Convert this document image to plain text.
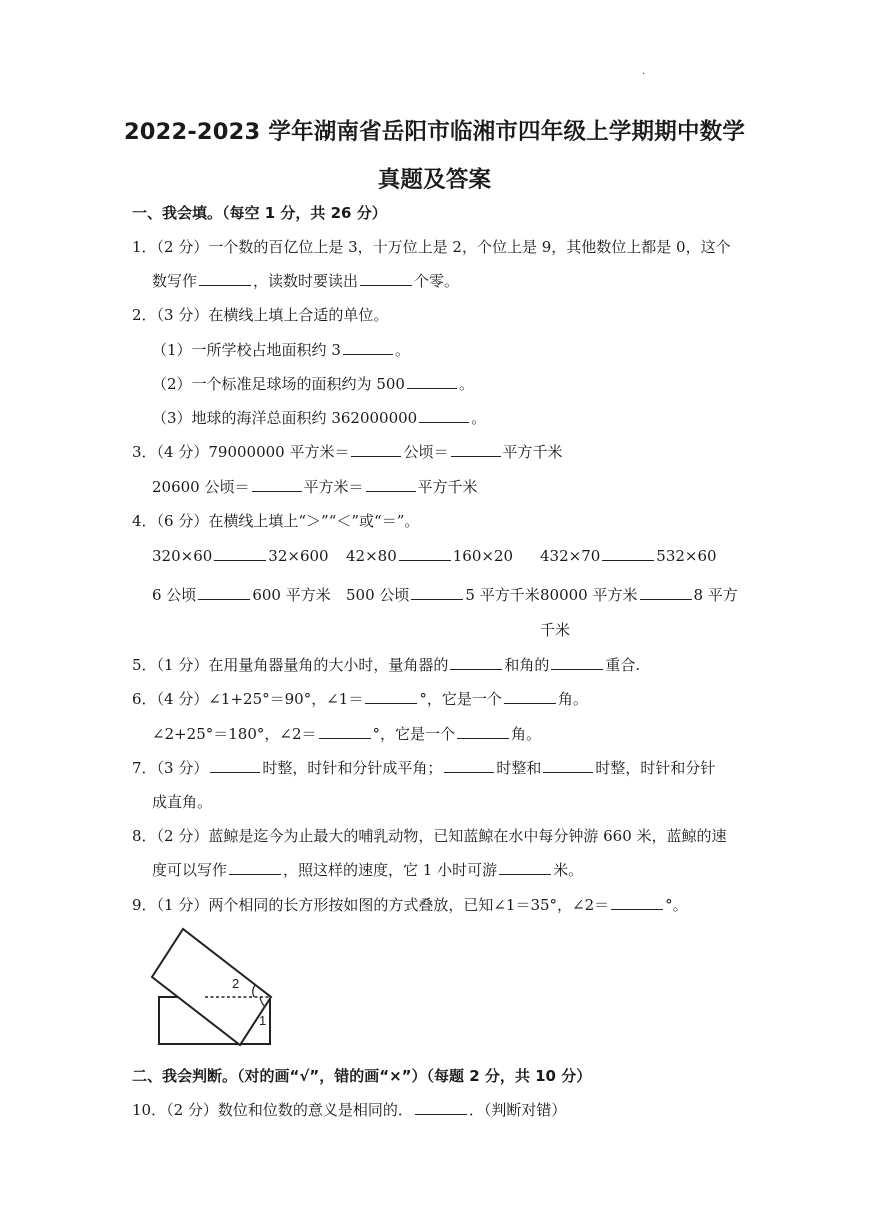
.
2022-2023 学年湖南省岳阳市临湘市四年级上学期期中数学
真题及答案
一、我会填。（每空 1 分，共 26 分）
1．（2 分）一个数的百亿位上是 3，十万位上是 2，个位上是 9，其他数位上都是 0，这个
数写作	，读数时要读出	个零。
2．（3 分）在横线上填上合适的单位。
（1）一所学校占地面积约 3	。
（2）一个标准足球场的面积约为 500	。
（3）地球的海洋总面积约 362000000	。
3．（4 分）79000000 平方米＝	公顷＝	平方千米
20600 公顷＝	平方米＝	平方千米
4．（6 分）在横线上填上“＞”“＜”或“＝”。
320×60	32×600 42×80	160×20 432×70	532×60
6 公顷	600 平方米 500 公顷	5 平方千米 80000 平方米	8 平方
千米
5．（1 分）在用量角器量角的大小时，量角器的	和角的	重合.
6．（4 分）∠1+25°＝90°，∠1＝	°，它是一个	角。
∠2+25°＝180°，∠2＝	°，它是一个	角。
7．（3 分）	时整，时针和分针成平角；	时整和	时整，时针和分针
成直角。
8．（2 分）蓝鲸是迄今为止最大的哺乳动物，已知蓝鲸在水中每分钟游 660 米，蓝鲸的速
度可以写作	，照这样的速度，它 1 小时可游	米。
9．（1 分）两个相同的长方形按如图的方式叠放，已知∠1＝35°，∠2＝	°。
2
1
二、我会判断。（对的画“√”，错的画“×”）（每题 2 分，共 10 分）
10．（2 分）数位和位数的意义是相同的．	．（判断对错）
